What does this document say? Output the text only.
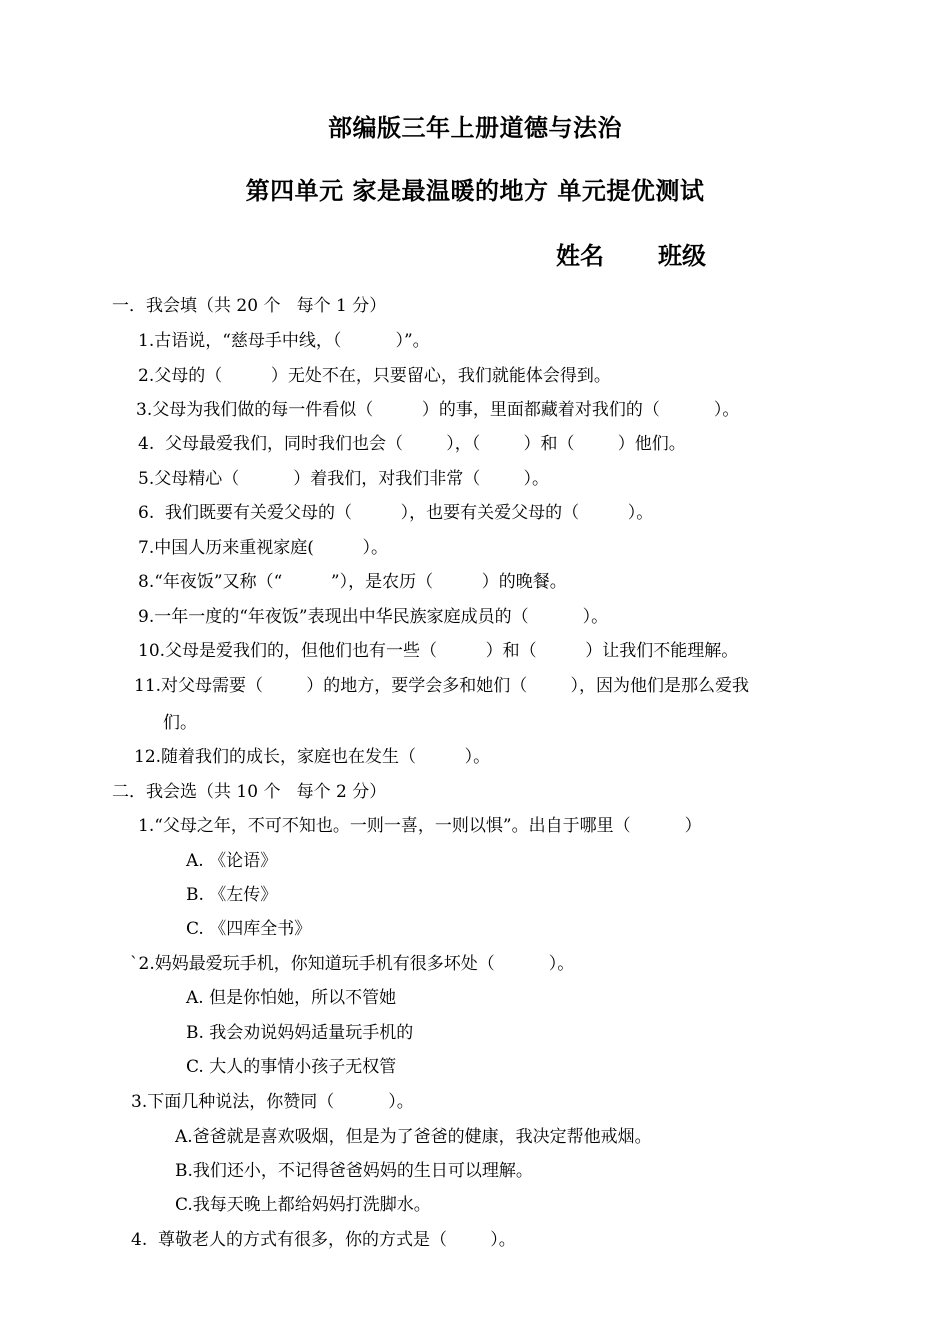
部编版三年上册道德与法治
第四单元 家是最温暖的地方 单元提优测试
姓名 班级
一．我会填（共 20 个   每个 1 分）
1.古语说，“慈母手中线，（          ）”。
2.父母的（         ）无处不在，只要留心，我们就能体会得到。
3.父母为我们做的每一件看似（         ）的事，里面都藏着对我们的（          ）。
4.  父母最爱我们，同时我们也会（        ），（        ）和（        ）他们。
5.父母精心（          ）着我们，对我们非常（        ）。
6.  我们既要有关爱父母的（         ），也要有关爱父母的（         ）。
7.中国人历来重视家庭(         ）。
8.“年夜饭”又称（“         ”），是农历（         ）的晚餐。
9.一年一度的“年夜饭”表现出中华民族家庭成员的（          ）。
10.父母是爱我们的，但他们也有一些（         ）和（         ）让我们不能理解。
11.对父母需要（        ）的地方，要学会多和她们（        ），因为他们是那么爱我
们。
12.随着我们的成长，家庭也在发生（         ）。
二．我会选（共 10 个   每个 2 分）
1.“父母之年，不可不知也。一则一喜，一则以惧”。出自于哪里（          ）
A. 《论语》
B. 《左传》
C. 《四库全书》
`2.妈妈最爱玩手机，你知道玩手机有很多坏处（          ）。
A. 但是你怕她，所以不管她
B. 我会劝说妈妈适量玩手机的
C. 大人的事情小孩子无权管
3.下面几种说法，你赞同（          ）。
A.爸爸就是喜欢吸烟，但是为了爸爸的健康，我决定帮他戒烟。
B.我们还小，不记得爸爸妈妈的生日可以理解。
C.我每天晚上都给妈妈打洗脚水。
4.  尊敬老人的方式有很多，你的方式是（        ）。
